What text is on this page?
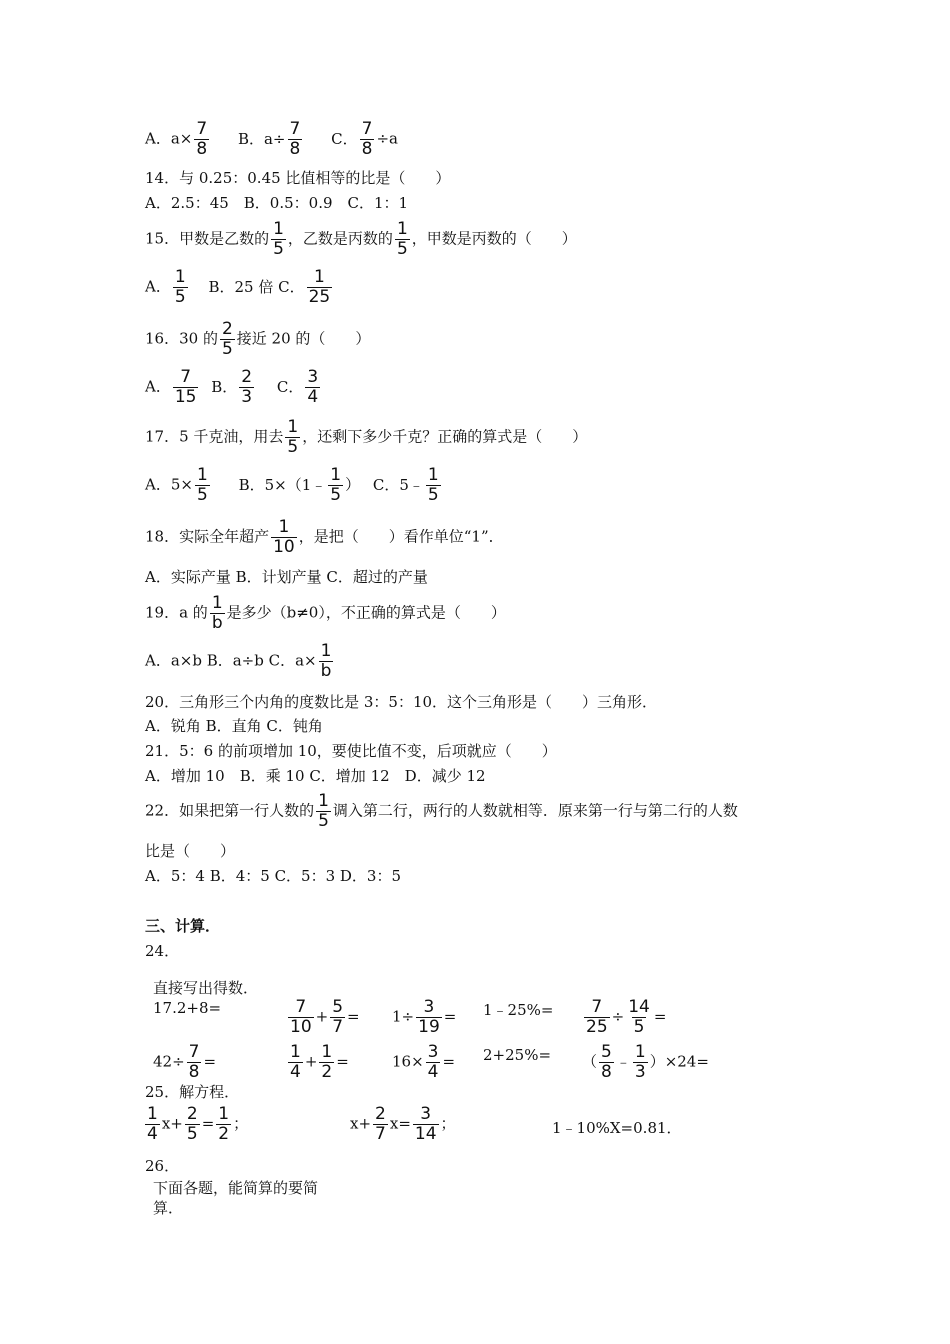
A．$a\times \frac{7}{8}$ B．$a\div \frac{7}{8}$ C． $\frac{7}{8} \div a$
14．与 0.25：0.45 比值相等的比是（　　）
A．2.5：45　B．0.5：0.9　C．1：1
15．甲数是乙数的 $\frac{1}{5}$ ，乙数是丙数的 $\frac{1}{5}$ ，甲数是丙数的（　　）
A． $\frac{1}{5}$ B．25 倍 C． $\frac{1}{25}$
16．30 的 $\frac{2}{5}$ 接近 20 的（　　）
A． $\frac{7}{15}$ B． $\frac{2}{3}$ C． $\frac{3}{4}$
17．5 千克油，用去 $\frac{1}{5}$ ，还剩下多少千克？正确的算式是（　　）
A．$5\times \frac{1}{5}$ B．5×（1﹣ $\frac{1}{5}$ ） C．5﹣ $\frac{1}{5}$
18．实际全年超产 $\frac{1}{10}$ ，是把（　　）看作单位“1”．
A．实际产量 B．计划产量 C．超过的产量
19．a 的 $\frac{1}{b}$ 是多少（b≠0），不正确的算式是（　　）
A．a×b B．a÷b C．$a\times \frac{1}{b}$
20．三角形三个内角的度数比是 3：5：10．这个三角形是（　　）三角形．
A．锐角 B．直角 C．钝角
21．5：6 的前项增加 10，要使比值不变，后项就应（　　）
A．增加 10　B．乘 10 C．增加 12　D．减少 12
22．如果把第一行人数的 $\frac{1}{5}$ 调入第二行，两行的人数就相等．原来第一行与第二行的人数
比是（　　）
A．5：4 B．4：5 C．5：3 D．3：5
三、计算．
24．
直接写出得数．
17.2+8=	$\frac{7}{10} + \frac{5}{7} = 1\div \frac{3}{19}$ = 1﹣25%= $\frac{7}{25} \div \frac{14}{5}$ =
$42\div \frac{7}{8}$ =	$\frac{1}{4} + \frac{1}{2}$ =	$16\times \frac{3}{4} = 2+25\%=$ （ $\frac{5}{8}$ ﹣ $\frac{1}{3} )\times 24=$
25．解方程．
$\frac{1}{4} x+ \frac{2}{5} = \frac{1}{2}$ ；	$x+ \frac{2}{7} x= \frac{3}{14}$ ；	1﹣10%X=0.81．
26．
下面各题，能简算的要简
算．
